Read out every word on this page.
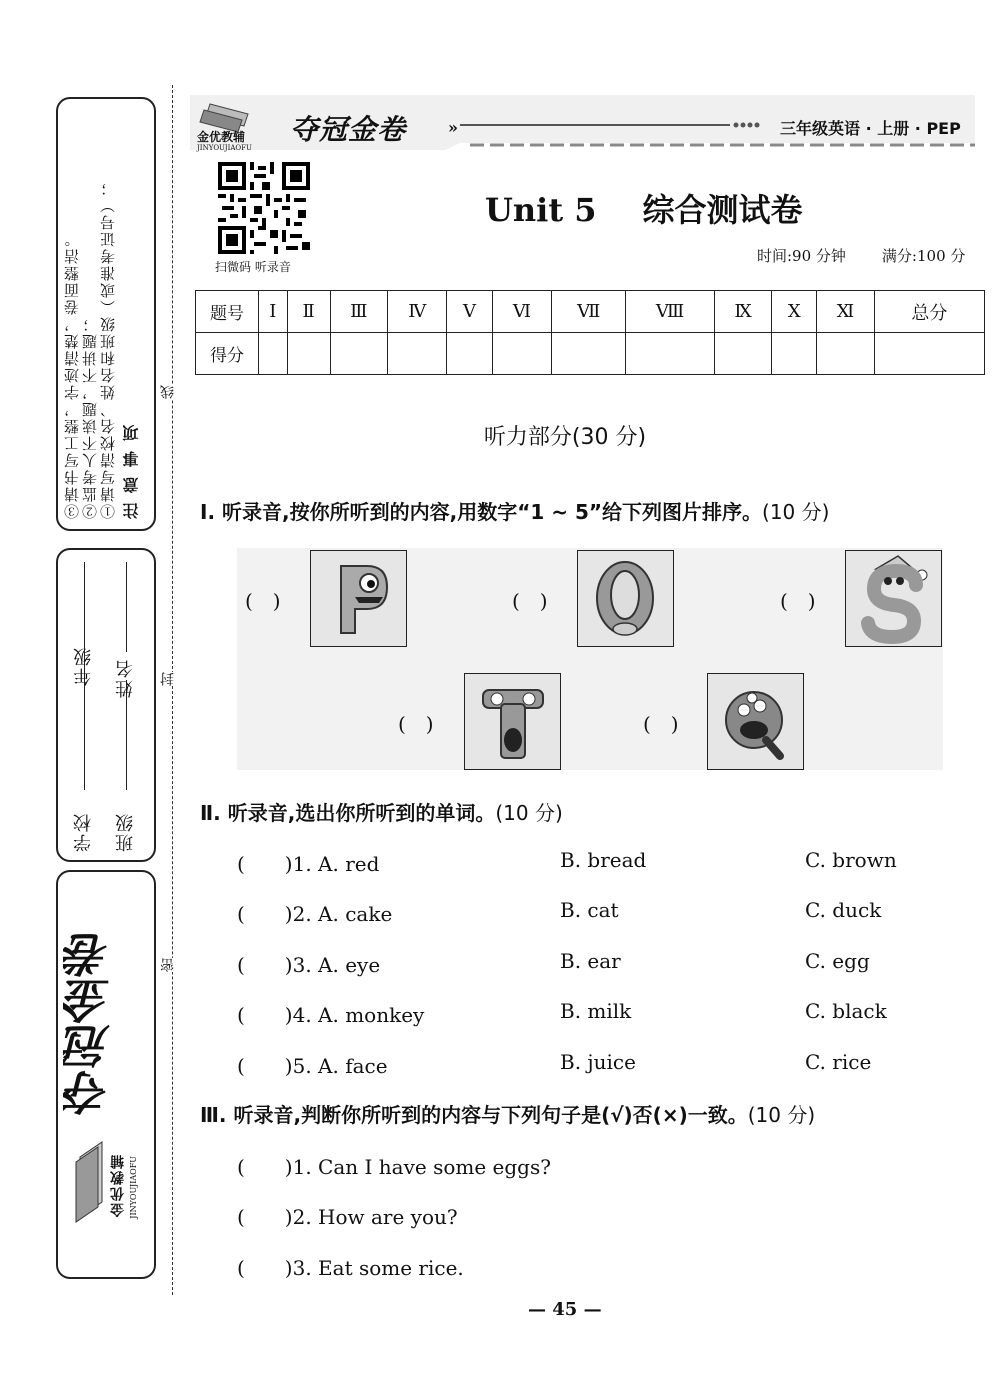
注意事项
①请写清校名、姓名和班级（或准考证号）；
②监考人不读题，不讲题；
③请书写工整，字迹清楚，卷面整洁。
学校
年级
班级
姓名
夺冠金卷
金优教辅 JINYOUJIAOFU
线
封
密
金优教辅
JINYOUJIAOFU
夺冠金卷	»	三年级英语 · 上册 · PEP
扫微码 听录音
Unit 5 综合测试卷
时间:90 分钟 满分:100 分
题号	Ⅰ	Ⅱ	Ⅲ	Ⅳ	Ⅴ	Ⅵ	Ⅶ	Ⅷ	Ⅸ	Ⅹ	Ⅺ	总分
得分												
听力部分(30 分)
Ⅰ. 听录音,按你所听到的内容,用数字“1 ~ 5”给下列图片排序。(10 分)
(　)	(　)	(　)	S
(　)	(　)
Ⅱ. 听录音,选出你所听到的单词。(10 分)
(　　)1. A. red	B. bread	C. brown
(　　)2. A. cake	B. cat	C. duck
(　　)3. A. eye	B. ear	C. egg
(　　)4. A. monkey	B. milk	C. black
(　　)5. A. face	B. juice	C. rice
Ⅲ. 听录音,判断你所听到的内容与下列句子是(√)否(×)一致。(10 分)
(　　)1. Can I have some eggs?
(　　)2. How are you?
(　　)3. Eat some rice.
— 45 —
